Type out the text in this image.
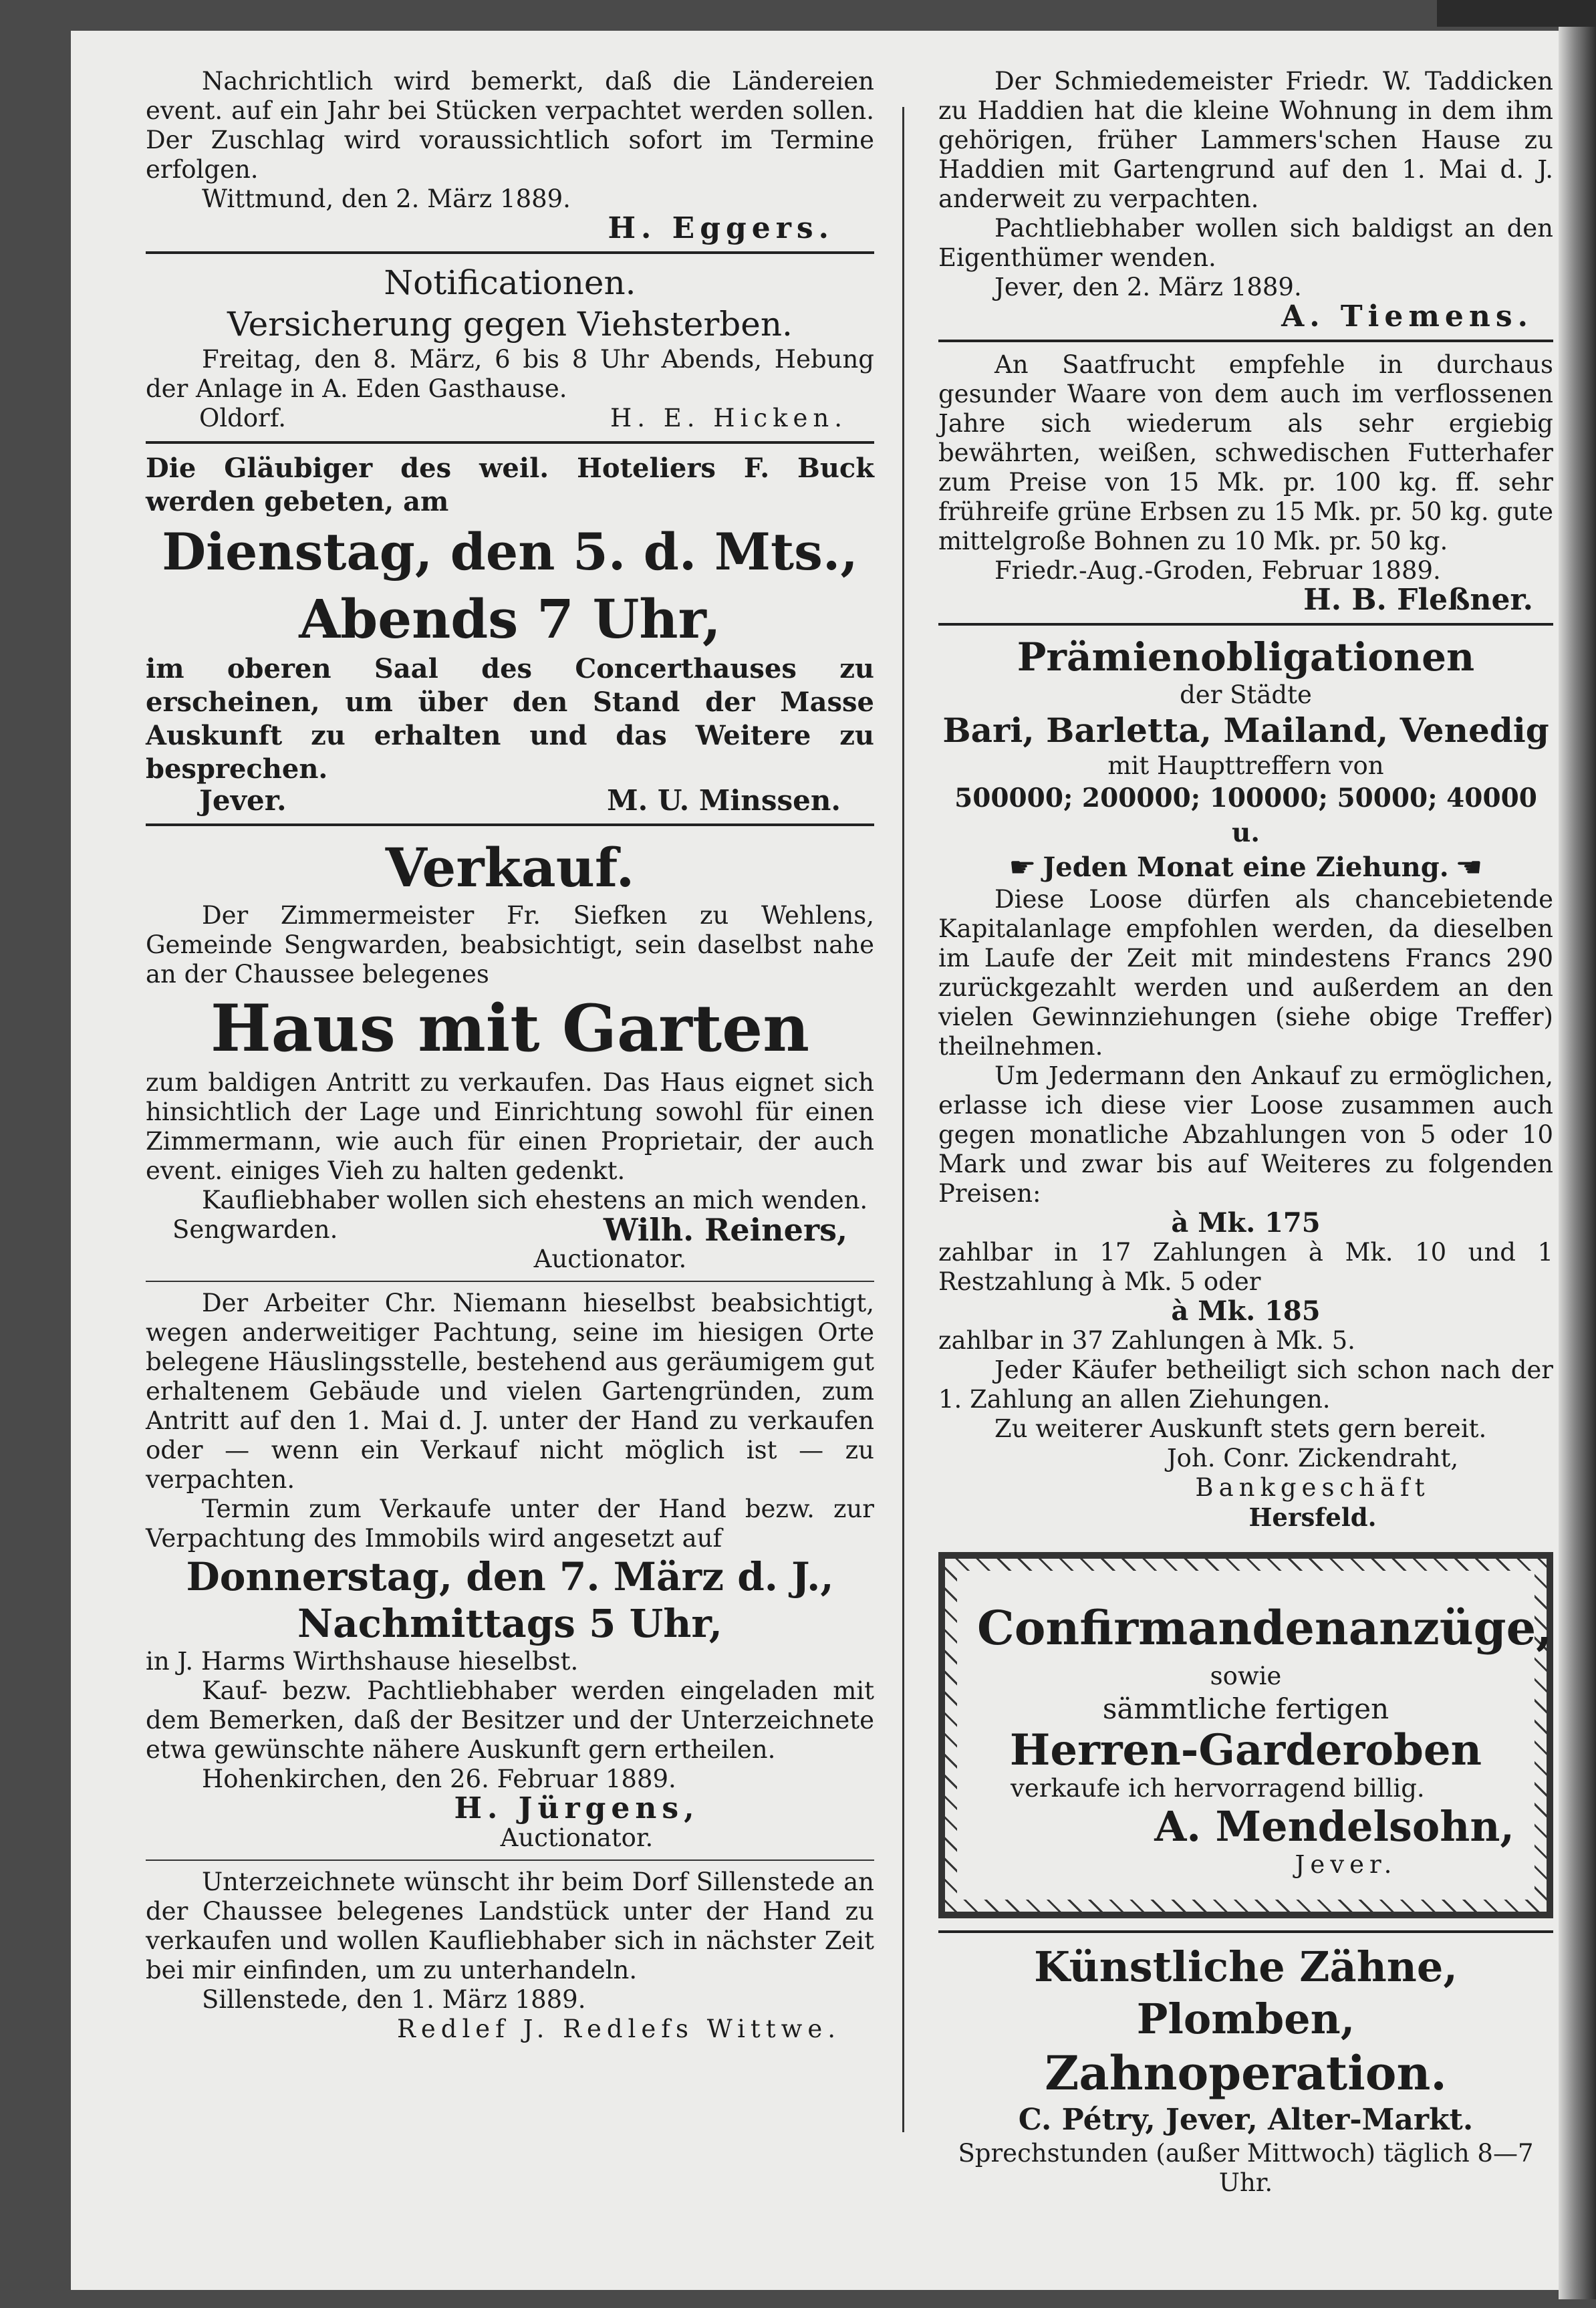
Nachrichtlich wird bemerkt, daß die Ländereien event. auf ein Jahr bei Stücken verpachtet werden sollen. Der Zuschlag wird voraussichtlich sofort im Termine erfolgen.

Wittmund, den 2. März 1889.

H. Eggers.

Notificationen.

Versicherung gegen Viehsterben.

Freitag, den 8. März, 6 bis 8 Uhr Abends, Hebung der Anlage in A. Eden Gasthause.

Oldorf.	H. E. Hicken.

Die Gläubiger des weil. Hoteliers F. Buck werden gebeten, am

Dienstag, den 5. d. Mts.,

Abends 7 Uhr,

im oberen Saal des Concerthauses zu erscheinen, um über den Stand der Masse Auskunft zu erhalten und das Weitere zu besprechen.

Jever.	M. U. Minssen.

Verkauf.

Der Zimmermeister Fr. Siefken zu Wehlens, Gemeinde Sengwarden, beabsichtigt, sein daselbst nahe an der Chaussee belegenes

Haus mit Garten

zum baldigen Antritt zu verkaufen. Das Haus eignet sich hinsichtlich der Lage und Einrichtung sowohl für einen Zimmermann, wie auch für einen Proprietair, der auch event. einiges Vieh zu halten gedenkt.

Kaufliebhaber wollen sich ehestens an mich wenden.

Sengwarden.	Wilh. Reiners,

Auctionator.

Der Arbeiter Chr. Niemann hieselbst beabsichtigt, wegen anderweitiger Pachtung, seine im hiesigen Orte belegene Häuslingsstelle, bestehend aus geräumigem gut erhaltenem Gebäude und vielen Gartengründen, zum Antritt auf den 1. Mai d. J. unter der Hand zu verkaufen oder — wenn ein Verkauf nicht möglich ist — zu verpachten.

Termin zum Verkaufe unter der Hand bezw. zur Verpachtung des Immobils wird angesetzt auf

Donnerstag, den 7. März d. J.,

Nachmittags 5 Uhr,

in J. Harms Wirthshause hieselbst.

Kauf- bezw. Pachtliebhaber werden eingeladen mit dem Bemerken, daß der Besitzer und der Unterzeichnete etwa gewünschte nähere Auskunft gern ertheilen.

Hohenkirchen, den 26. Februar 1889.

H. Jürgens,

Auctionator.

Unterzeichnete wünscht ihr beim Dorf Sillenstede an der Chaussee belegenes Landstück unter der Hand zu verkaufen und wollen Kaufliebhaber sich in nächster Zeit bei mir einfinden, um zu unterhandeln.

Sillenstede, den 1. März 1889.

Redlef J. Redlefs Wittwe.

Der Schmiedemeister Friedr. W. Taddicken zu Haddien hat die kleine Wohnung in dem ihm gehörigen, früher Lammers'schen Hause zu Haddien mit Gartengrund auf den 1. Mai d. J. anderweit zu verpachten.

Pachtliebhaber wollen sich baldigst an den Eigenthümer wenden.

Jever, den 2. März 1889.

A. Tiemens.

An Saatfrucht empfehle in durchaus gesunder Waare von dem auch im verflossenen Jahre sich wiederum als sehr ergiebig bewährten, weißen, schwedischen Futterhafer zum Preise von 15 Mk. pr. 100 kg. ff. sehr frühreife grüne Erbsen zu 15 Mk. pr. 50 kg. gute mittelgroße Bohnen zu 10 Mk. pr. 50 kg.

Friedr.-Aug.-Groden, Februar 1889.

H. B. Fleßner.

Prämienobligationen

der Städte

Bari, Barletta, Mailand, Venedig

mit Haupttreffern von

500000; 200000; 100000; 50000; 40000 u.

☛ Jeden Monat eine Ziehung. ☛

Diese Loose dürfen als chancebietende Kapitalanlage empfohlen werden, da dieselben im Laufe der Zeit mit mindestens Francs 290 zurückgezahlt werden und außerdem an den vielen Gewinnziehungen (siehe obige Treffer) theilnehmen.

Um Jedermann den Ankauf zu ermöglichen, erlasse ich diese vier Loose zusammen auch gegen monatliche Abzahlungen von 5 oder 10 Mark und zwar bis auf Weiteres zu folgenden Preisen:

à Mk. 175

zahlbar in 17 Zahlungen à Mk. 10 und 1 Restzahlung à Mk. 5 oder

à Mk. 185

zahlbar in 37 Zahlungen à Mk. 5.

Jeder Käufer betheiligt sich schon nach der 1. Zahlung an allen Ziehungen.

Zu weiterer Auskunft stets gern bereit.

Joh. Conr. Zickendraht,

Bankgeschäft

Hersfeld.

Confirmandenanzüge,

sowie

sämmtliche fertigen

Herren-Garderoben

verkaufe ich hervorragend billig.

A. Mendelsohn,

Jever.

Künstliche Zähne, Plomben,

Zahnoperation.

C. Pétry, Jever, Alter-Markt.

Sprechstunden (außer Mittwoch) täglich 8—7 Uhr.
